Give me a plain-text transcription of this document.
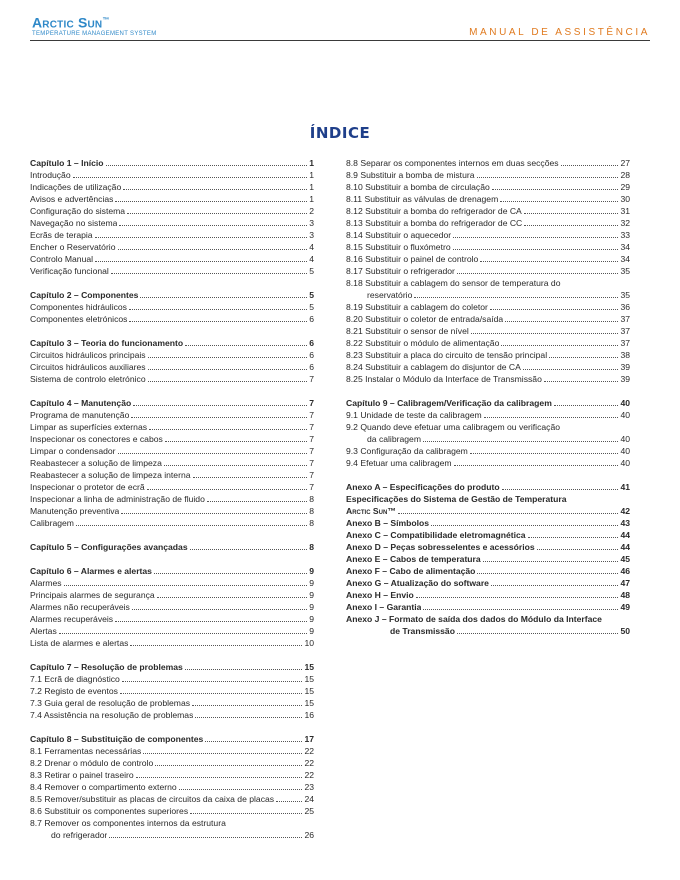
Arctic Sun™
TEMPERATURE MANAGEMENT SYSTEM	MANUAL DE ASSISTÊNCIA
ÍNDICE
Capítulo 1 – Início	1
Introdução	1
Indicações de utilização	1
Avisos e advertências	1
Configuração do sistema	2
Navegação no sistema	3
Ecrãs de terapia	3
Encher o Reservatório	4
Controlo Manual	4
Verificação funcional	5
Capítulo 2 – Componentes	5
Componentes hidráulicos	5
Componentes eletrónicos	6
Capítulo 3 – Teoria do funcionamento	6
Circuitos hidráulicos principais	6
Circuitos hidráulicos auxiliares	6
Sistema de controlo eletrónico	7
Capítulo 4 – Manutenção	7
Programa de manutenção	7
Limpar as superfícies externas	7
Inspecionar os conectores e cabos	7
Limpar o condensador	7
Reabastecer a solução de limpeza	7
Reabastecer a solução de limpeza interna	7
Inspecionar o protetor de ecrã	7
Inspecionar a linha de administração de fluido	8
Manutenção preventiva	8
Calibragem	8
Capítulo 5 – Configurações avançadas	8
Capítulo 6 – Alarmes e alertas	9
Alarmes	9
Principais alarmes de segurança	9
Alarmes não recuperáveis	9
Alarmes recuperáveis	9
Alertas	9
Lista de alarmes e alertas	10
Capítulo 7 – Resolução de problemas	15
7.1 Ecrã de diagnóstico	15
7.2 Registo de eventos	15
7.3 Guia geral de resolução de problemas	15
7.4 Assistência na resolução de problemas	16
Capítulo 8 – Substituição de componentes	17
8.1 Ferramentas necessárias	22
8.2 Drenar o módulo de controlo	22
8.3 Retirar o painel traseiro	22
8.4 Remover o compartimento externo	23
8.5 Remover/substituir as placas de circuitos da caixa de placas	24
8.6 Substituir os componentes superiores	25
8.7 Remover os componentes internos da estrutura
do refrigerador	26
8.8 Separar os componentes internos em duas secções	27
8.9 Substituir a bomba de mistura	28
8.10 Substituir a bomba de circulação	29
8.11 Substituir as válvulas de drenagem	30
8.12 Substituir a bomba do refrigerador de CA	31
8.13 Substituir a bomba do refrigerador de CC	32
8.14 Substituir o aquecedor	33
8.15 Substituir o fluxómetro	34
8.16 Substituir o painel de controlo	34
8.17 Substituir o refrigerador	35
8.18 Substituir a cablagem do sensor de temperatura do
reservatório	35
8.19 Substituir a cablagem do coletor	36
8.20 Substituir o coletor de entrada/saída	37
8.21 Substituir o sensor de nível	37
8.22 Substituir o módulo de alimentação	37
8.23 Substituir a placa do circuito de tensão principal	38
8.24 Substituir a cablagem do disjuntor de CA	39
8.25 Instalar o Módulo da Interface de Transmissão	39
Capítulo 9 – Calibragem/Verificação da calibragem	40
9.1 Unidade de teste da calibragem	40
9.2 Quando deve efetuar uma calibragem ou verificação
da calibragem	40
9.3 Configuração da calibragem	40
9.4 Efetuar uma calibragem	40
Anexo A – Especificações do produto	41
Especificações do Sistema de Gestão de Temperatura
Arctic Sun™	42
Anexo B – Símbolos	43
Anexo C – Compatibilidade eletromagnética	44
Anexo D – Peças sobresselentes e acessórios	44
Anexo E – Cabos de temperatura	45
Anexo F – Cabo de alimentação	46
Anexo G – Atualização do software	47
Anexo H – Envio	48
Anexo I – Garantia	49
Anexo J – Formato de saída dos dados do Módulo da Interface
de Transmissão	50
